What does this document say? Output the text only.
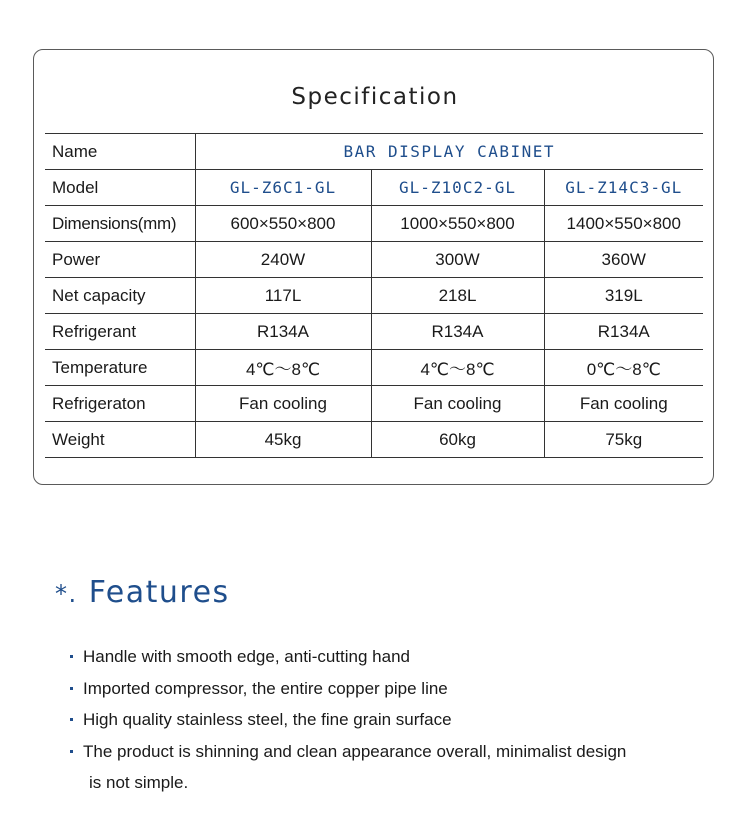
Specification
Name	BAR DISPLAY CABINET		
Model	GL-Z6C1-GL	GL-Z10C2-GL	GL-Z14C3-GL
Dimensions(mm)	600×550×800	1000×550×800	1400×550×800
Power	240W	300W	360W
Net capacity	117L	218L	319L
Refrigerant	R134A	R134A	R134A
Temperature	4℃～8℃	4℃～8℃	0℃～8℃
Refrigeraton	Fan cooling	Fan cooling	Fan cooling
Weight	45kg	60kg	75kg
*. Features
Handle with smooth edge, anti-cutting hand
Imported compressor, the entire copper pipe line
High quality stainless steel, the fine grain surface
The product is shinning and clean appearance overall, minimalist design
is not simple.
